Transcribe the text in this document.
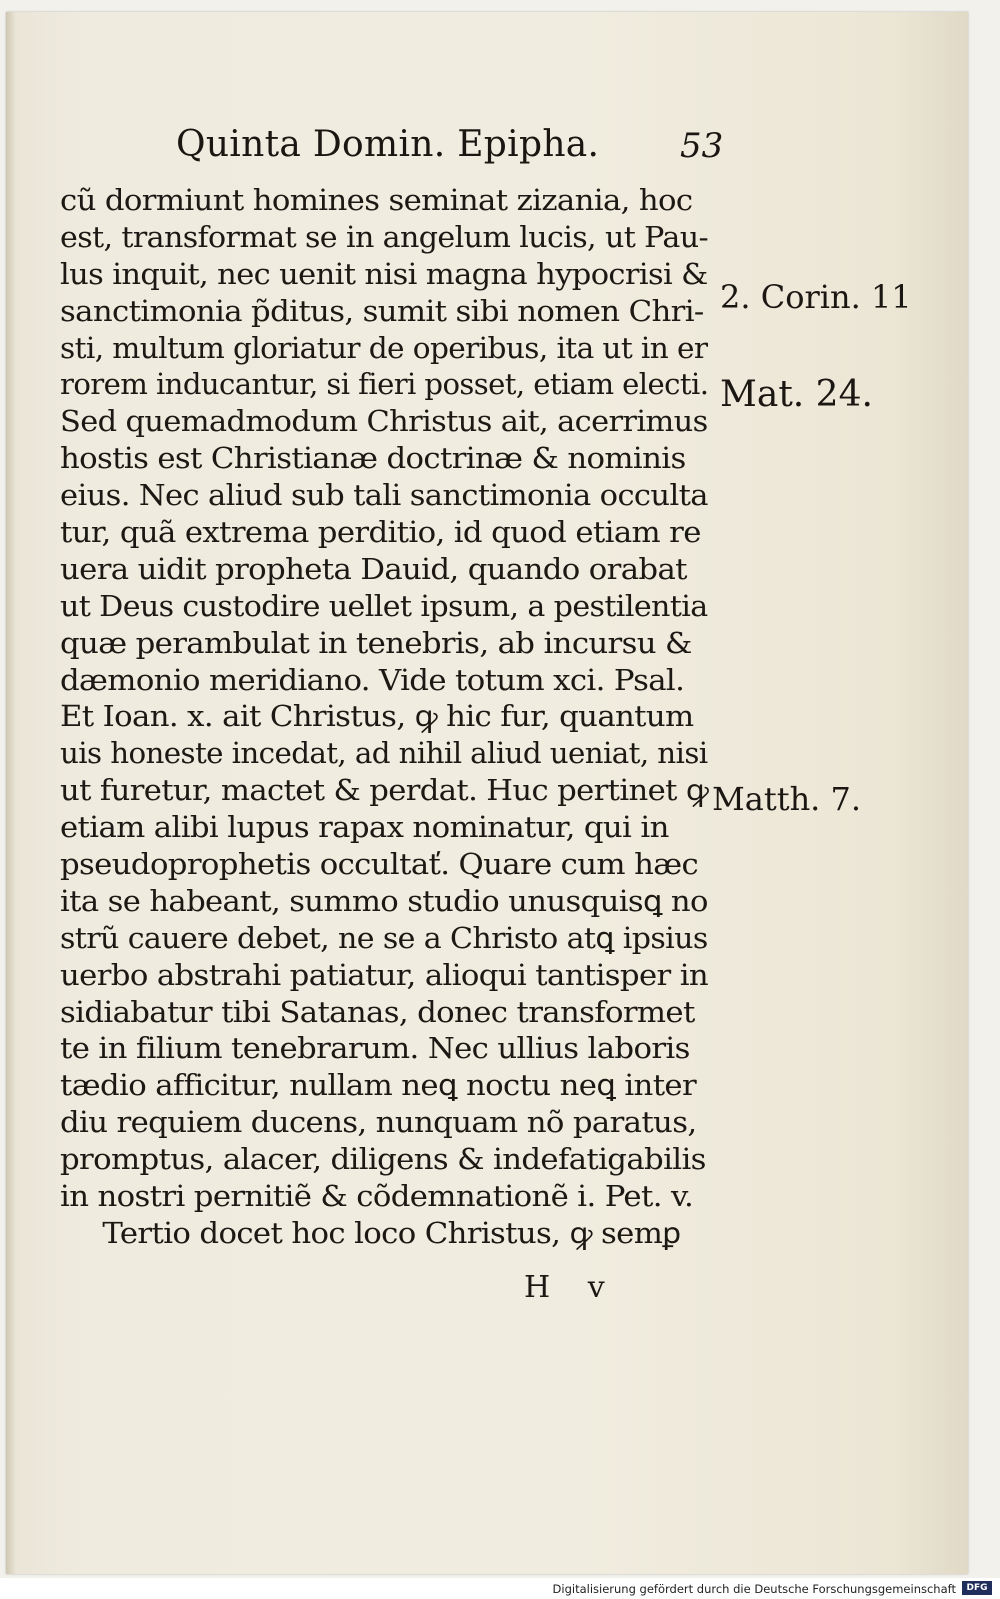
Quinta Domin. Epipha. 53
cũ dormiunt homines seminat zizania, hoc
est, transformat se in angelum lucis, ut Pau-
lus inquit, nec uenit nisi magna hypocrisi &
sanctimonia p̃ditus, sumit sibi nomen Chri-
sti, multum gloriatur de operibus, ita ut in er
rorem inducantur, si fieri posset, etiam electi.
Sed quemadmodum Christus ait, acerrimus
hostis est Christianæ doctrinæ & nominis
eius. Nec aliud sub tali sanctimonia occulta
tur, quã extrema perditio, id quod etiam re
uera uidit propheta Dauid, quando orabat
ut Deus custodire uellet ipsum, a pestilentia
quæ perambulat in tenebris, ab incursu &
dæmonio meridiano. Vide totum xci. Psal.
Et Ioan. x. ait Christus, ꝙ hic fur, quantum
uis honeste incedat, ad nihil aliud ueniat, nisi
ut furetur, mactet & perdat. Huc pertinet ꝙ
etiam alibi lupus rapax nominatur, qui in
pseudoprophetis occultať. Quare cum hæc
ita se habeant, summo studio unusquisꝗ no
strũ cauere debet, ne se a Christo atꝗ ipsius
uerbo abstrahi patiatur, alioqui tantisper in
sidiabatur tibi Satanas, donec transformet
te in filium tenebrarum. Nec ullius laboris
tædio afficitur, nullam neꝗ noctu neꝗ inter
diu requiem ducens, nunquam nõ paratus,
promptus, alacer, diligens & indefatigabilis
in nostri pernitiẽ & cõdemnationẽ i. Pet. v.
Tertio docet hoc loco Christus, ꝙ semꝑ
H v
2. Corin. 11
Mat. 24.
Matth. 7.
Digitalisierung gefördert durch die Deutsche Forschungsgemeinschaft	DFG
